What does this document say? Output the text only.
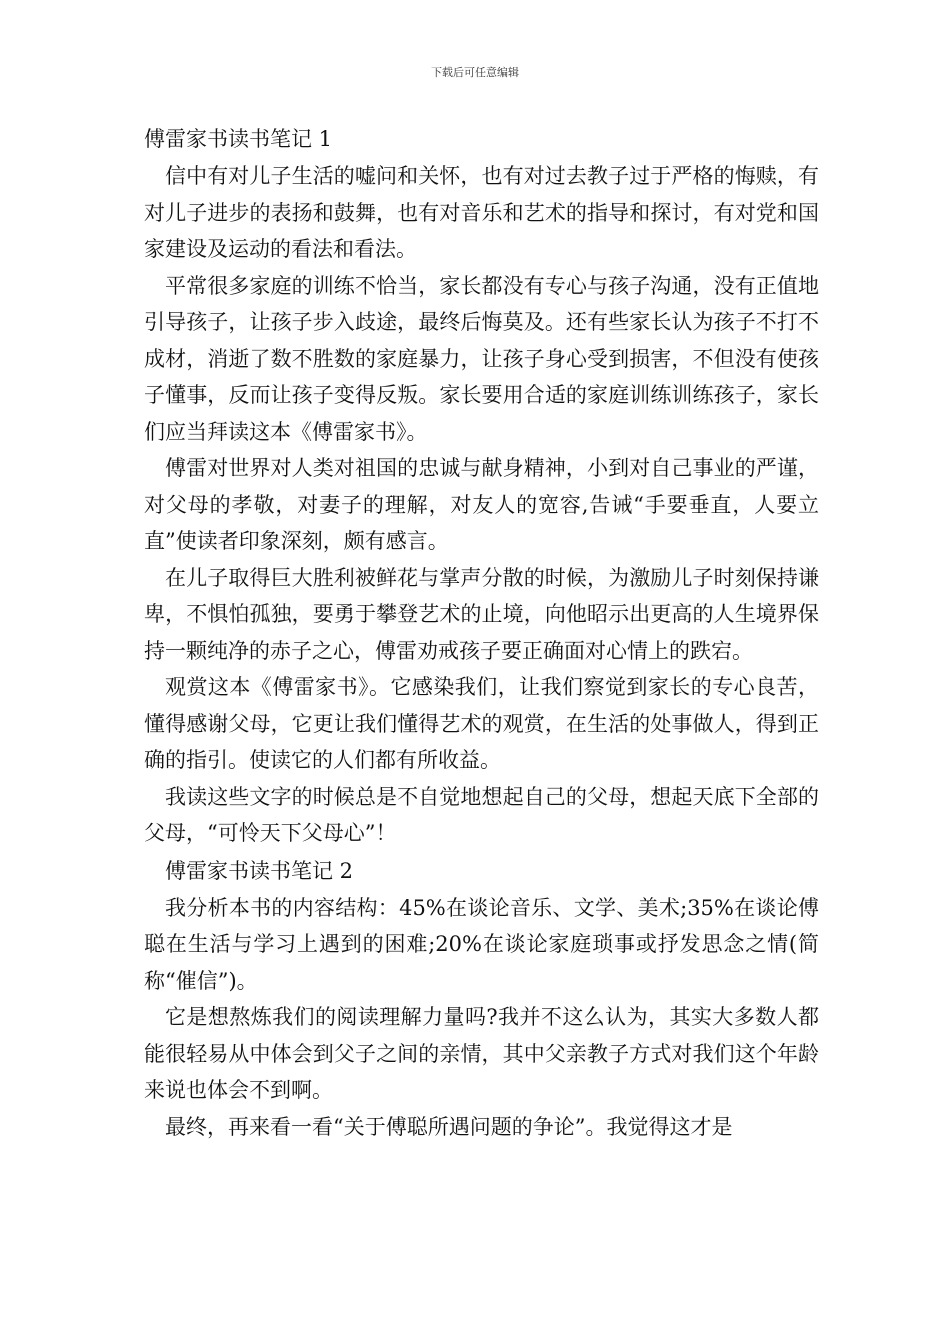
下载后可任意编辑
傅雷家书读书笔记 1

信中有对儿子生活的嘘问和关怀，也有对过去教子过于严格的悔赎，有对儿子进步的表扬和鼓舞，也有对音乐和艺术的指导和探讨，有对党和国家建设及运动的看法和看法。

平常很多家庭的训练不恰当，家长都没有专心与孩子沟通，没有正值地引导孩子，让孩子步入歧途，最终后悔莫及。还有些家长认为孩子不打不成材，消逝了数不胜数的家庭暴力，让孩子身心受到损害，不但没有使孩子懂事，反而让孩子变得反叛。家长要用合适的家庭训练训练孩子，家长们应当拜读这本《傅雷家书》。

傅雷对世界对人类对祖国的忠诚与献身精神，小到对自己事业的严谨，对父母的孝敬，对妻子的理解，对友人的宽容,告诫“手要垂直，人要立直”使读者印象深刻，颇有感言。

在儿子取得巨大胜利被鲜花与掌声分散的时候，为激励儿子时刻保持谦卑，不惧怕孤独，要勇于攀登艺术的止境，向他昭示出更高的人生境界保持一颗纯净的赤子之心，傅雷劝戒孩子要正确面对心情上的跌宕。

观赏这本《傅雷家书》。它感染我们，让我们察觉到家长的专心良苦，懂得感谢父母，它更让我们懂得艺术的观赏，在生活的处事做人，得到正确的指引。使读它的人们都有所收益。

我读这些文字的时候总是不自觉地想起自己的父母，想起天底下全部的父母，“可怜天下父母心”！

傅雷家书读书笔记 2

我分析本书的内容结构：45%在谈论音乐、文学、美术;35%在谈论傅聪在生活与学习上遇到的困难;20%在谈论家庭琐事或抒发思念之情(简称“催信”)。

它是想熬炼我们的阅读理解力量吗?我并不这么认为，其实大多数人都能很轻易从中体会到父子之间的亲情，其中父亲教子方式对我们这个年龄来说也体会不到啊。

最终，再来看一看“关于傅聪所遇问题的争论”。我觉得这才是
